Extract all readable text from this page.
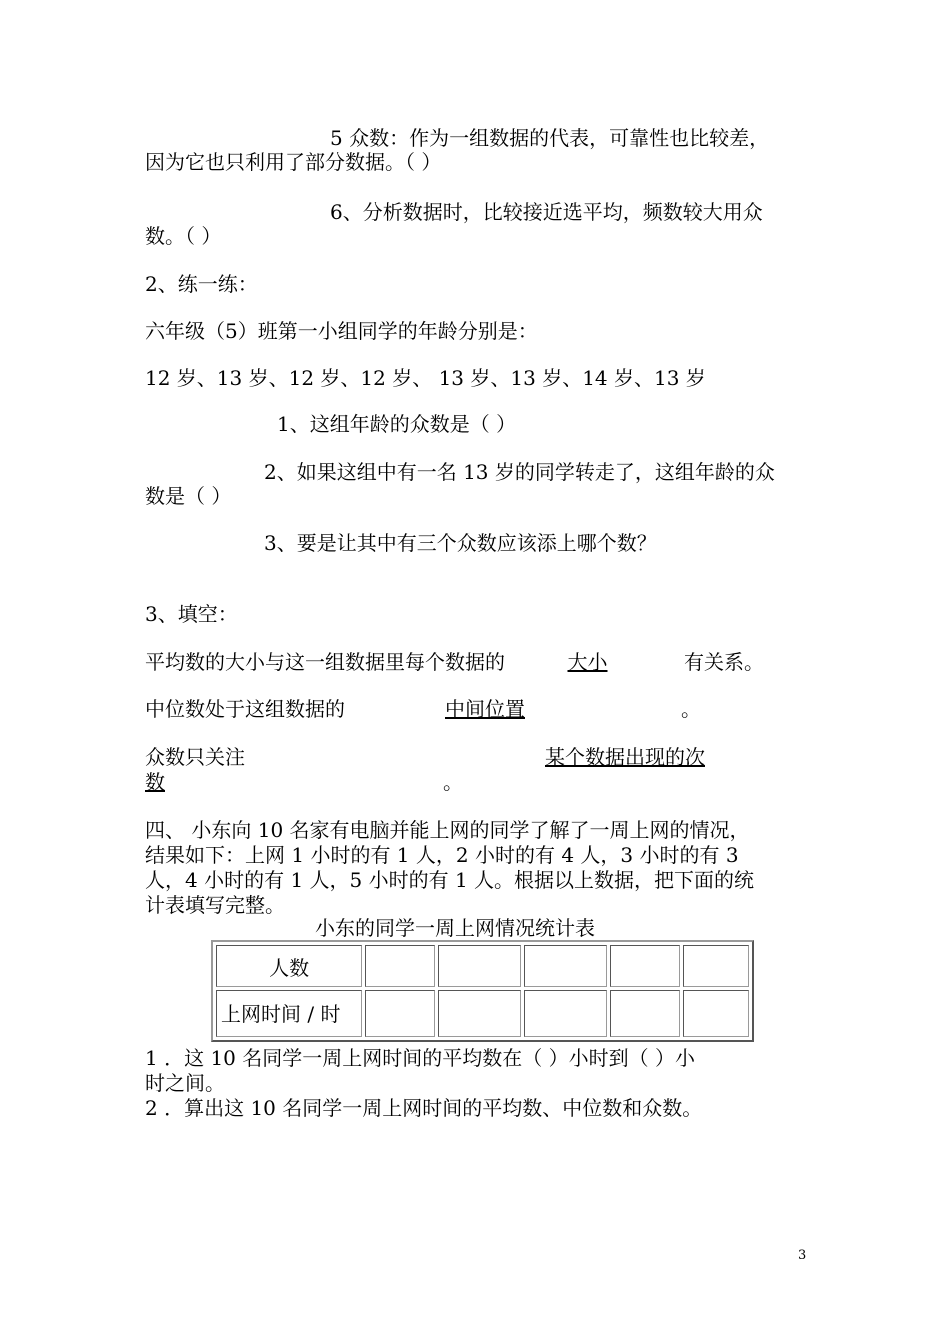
5 众数：作为一组数据的代表，可靠性也比较差，
因为它也只利用了部分数据。（ ）
6、分析数据时，比较接近选平均，频数较大用众
数。（ ）
2、练一练：
六年级（5）班第一小组同学的年龄分别是：
12 岁、13 岁、12 岁、12 岁、 13 岁、13 岁、14 岁、13 岁
1、这组年龄的众数是（ ）
2、如果这组中有一名 13 岁的同学转走了，这组年龄的众
数是（ ）
3、要是让其中有三个众数应该添上哪个数？
3、填空：
平均数的大小与这一组数据里每个数据的	大小	有关系。
中位数处于这组数据的	中间位置	。
众数只关注	某个数据出现的次
数	。
四、 小东向 10 名家有电脑并能上网的同学了解了一周上网的情况，
结果如下：上网 1 小时的有 1 人，2 小时的有 4 人，3 小时的有 3
人，4 小时的有 1 人，5 小时的有 1 人。根据以上数据，把下面的统
计表填写完整。
小东的同学一周上网情况统计表
人数					
上网时间 / 时					
1 ．这 10 名同学一周上网时间的平均数在（ ）小时到（ ）小
时之间。
2 ．算出这 10 名同学一周上网时间的平均数、中位数和众数。
3
